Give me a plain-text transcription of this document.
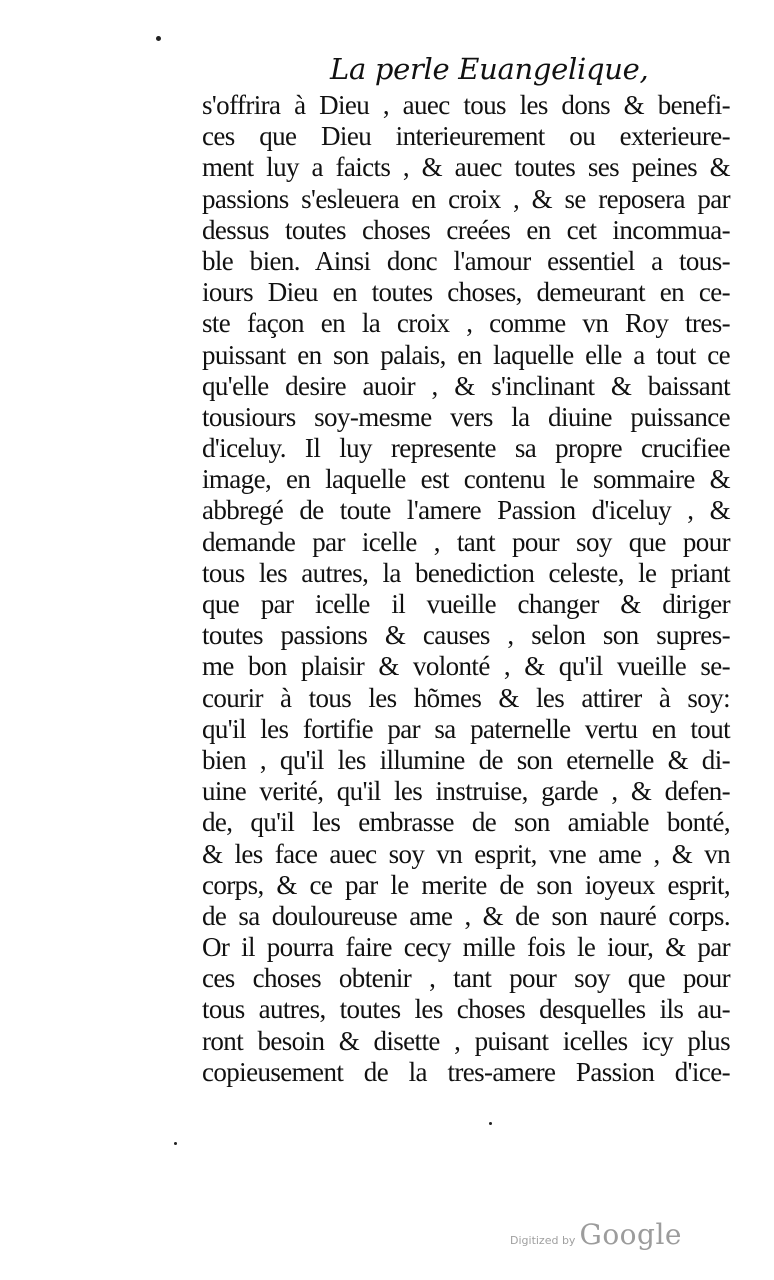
La perle Euangelique,
s'offrira à Dieu , auec tous les dons & benefi-
ces que Dieu interieurement ou exterieure-
ment luy a faicts , & auec toutes ses peines &
passions s'esleuera en croix , & se reposera par
dessus toutes choses creées en cet incommua-
ble bien. Ainsi donc l'amour essentiel a tous-
iours Dieu en toutes choses, demeurant en ce-
ste façon en la croix , comme vn Roy tres-
puissant en son palais, en laquelle elle a tout ce
qu'elle desire auoir , & s'inclinant & baissant
tousiours soy-mesme vers la diuine puissance
d'iceluy. Il luy represente sa propre crucifiee
image, en laquelle est contenu le sommaire &
abbregé de toute l'amere Passion d'iceluy , &
demande par icelle , tant pour soy que pour
tous les autres, la benediction celeste, le priant
que par icelle il vueille changer & diriger
toutes passions & causes , selon son supres-
me bon plaisir & volonté , & qu'il vueille se-
courir à tous les hõmes & les attirer à soy:
qu'il les fortifie par sa paternelle vertu en tout
bien , qu'il les illumine de son eternelle & di-
uine verité, qu'il les instruise, garde , & defen-
de, qu'il les embrasse de son amiable bonté,
& les face auec soy vn esprit, vne ame , & vn
corps, & ce par le merite de son ioyeux esprit,
de sa douloureuse ame , & de son nauré corps.
Or il pourra faire cecy mille fois le iour, & par
ces choses obtenir , tant pour soy que pour
tous autres, toutes les choses desquelles ils au-
ront besoin & disette , puisant icelles icy plus
copieusement de la tres-amere Passion d'ice-
Digitized by Google
